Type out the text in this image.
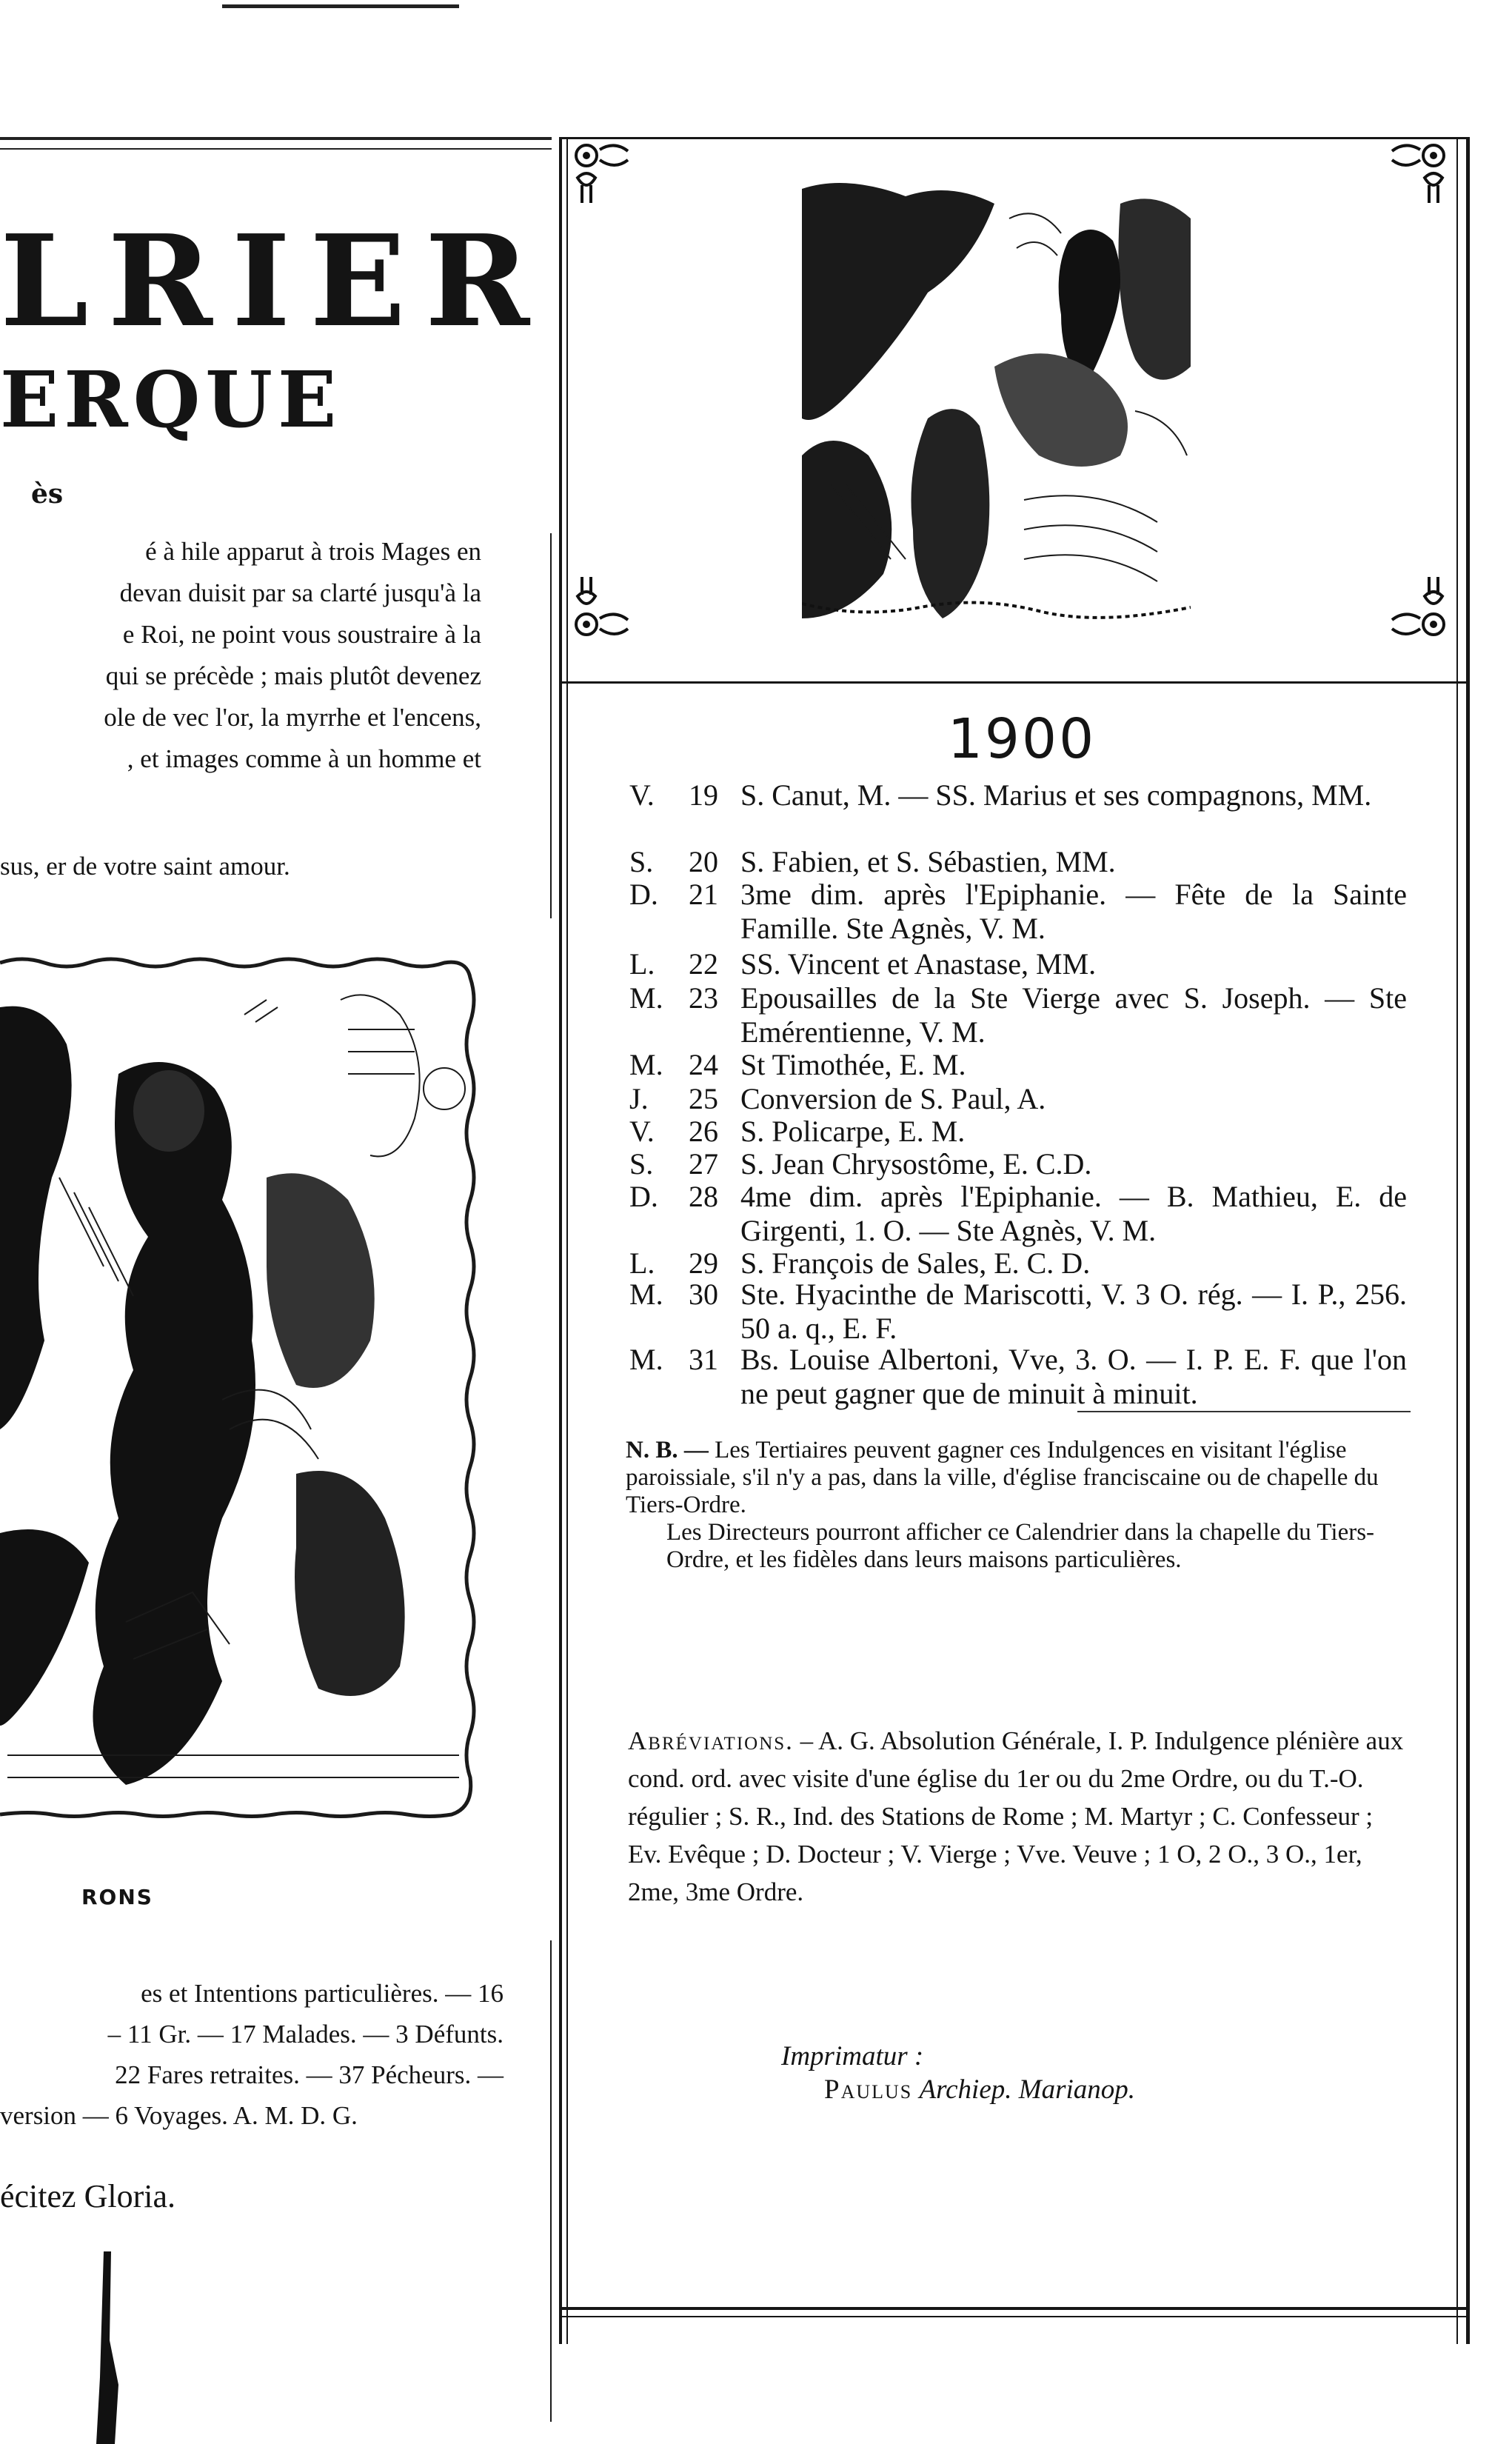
LRIER
ERQUE
ès
é à hile apparut à trois Mages en
devan duisit par sa clarté jusqu'à la
e Roi, ne point vous soustraire à la
qui se précède ; mais plutôt devenez
ole de vec l'or, la myrrhe et l'encens,
, et images comme à un homme et
sus, er de votre saint amour.
RONS
es et Intentions particulières. — 16
– 11 Gr. — 17 Malades. — 3 Défunts.
22 Fares retraites. — 37 Pécheurs. —
version — 6 Voyages. A. M. D. G.
écitez Gloria.
1900
V.	19 S. Canut, M. — SS. Marius et ses compagnons, MM.
S.	20 S. Fabien, et S. Sébastien, MM.
D.	21 3me dim. après l'Epiphanie. — Fête de la Sainte Famille. Ste Agnès, V. M.
L.	22 SS. Vincent et Anastase, MM.
M. 23 Epousailles de la Ste Vierge avec S. Joseph. — Ste Emérentienne, V. M.
M. 24 St Timothée, E. M.
J.	25 Conversion de S. Paul, A.
V.	26 S. Policarpe, E. M.
S.	27 S. Jean Chrysostôme, E. C.D.
D.	28 4me dim. après l'Epiphanie. — B. Mathieu, E. de Girgenti, 1. O. — Ste Agnès, V. M.
L.	29 S. François de Sales, E. C. D.
M. 30 Ste. Hyacinthe de Mariscotti, V. 3 O. rég. — I. P., 256. 50 a. q., E. F.
M. 31 Bs. Louise Albertoni, Vve, 3. O. — I. P. E. F. que l'on ne peut gagner que de minuit à minuit.

N. B. — Les Tertiaires peuvent gagner ces Indulgences en visitant l'église paroissiale, s'il n'y a pas, dans la ville, d'église franciscaine ou de chapelle du Tiers-Ordre.

Les Directeurs pourront afficher ce Calendrier dans la chapelle du Tiers-Ordre, et les fidèles dans leurs maisons particulières.

Abréviations. – A. G. Absolution Générale, I. P. Indulgence plénière aux cond. ord. avec visite d'une église du 1er ou du 2me Ordre, ou du T.-O. régulier ; S. R., Ind. des Stations de Rome ; M. Martyr ; C. Confesseur ; Ev. Evêque ; D. Docteur ; V. Vierge ; Vve. Veuve ; 1 O, 2 O., 3 O., 1er, 2me, 3me Ordre.

Imprimatur :
Paulus Archiep. Marianop.
